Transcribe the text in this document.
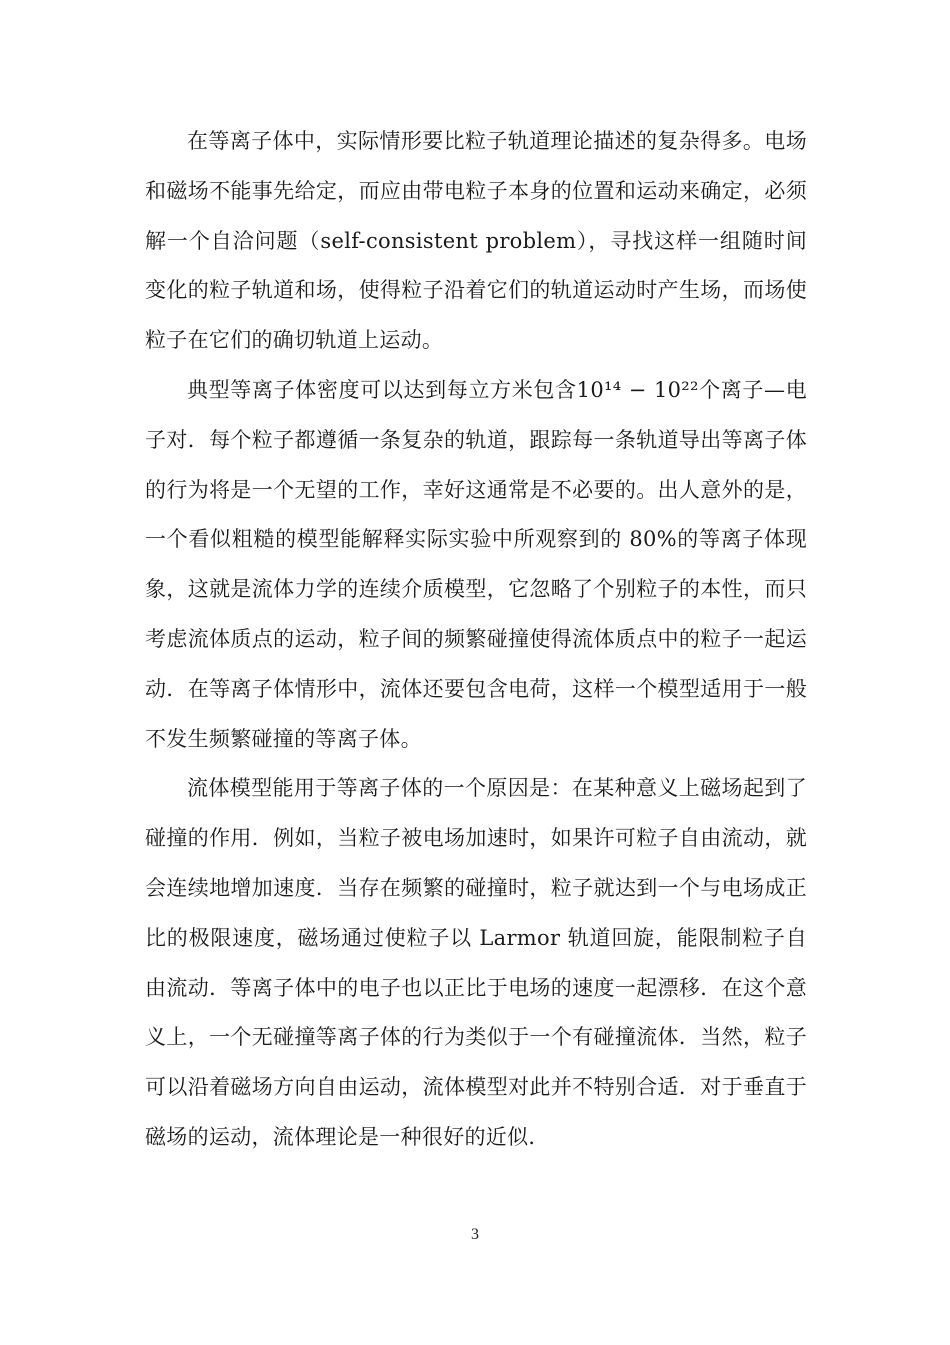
在等离子体中，实际情形要比粒子轨道理论描述的复杂得多。电场和磁场不能事先给定，而应由带电粒子本身的位置和运动来确定，必须解一个自洽问题（self-consistent problem），寻找这样一组随时间变化的粒子轨道和场，使得粒子沿着它们的轨道运动时产生场，而场使粒子在它们的确切轨道上运动。

典型等离子体密度可以达到每立方米包含10¹⁴ − 10²²个离子—电子对．每个粒子都遵循一条复杂的轨道，跟踪每一条轨道导出等离子体的行为将是一个无望的工作，幸好这通常是不必要的。出人意外的是，一个看似粗糙的模型能解释实际实验中所观察到的 80%的等离子体现象，这就是流体力学的连续介质模型，它忽略了个别粒子的本性，而只考虑流体质点的运动，粒子间的频繁碰撞使得流体质点中的粒子一起运动．在等离子体情形中，流体还要包含电荷，这样一个模型适用于一般不发生频繁碰撞的等离子体。

流体模型能用于等离子体的一个原因是：在某种意义上磁场起到了碰撞的作用．例如，当粒子被电场加速时，如果许可粒子自由流动，就会连续地增加速度．当存在频繁的碰撞时，粒子就达到一个与电场成正比的极限速度，磁场通过使粒子以 Larmor 轨道回旋，能限制粒子自由流动．等离子体中的电子也以正比于电场的速度一起漂移．在这个意义上，一个无碰撞等离子体的行为类似于一个有碰撞流体．当然，粒子可以沿着磁场方向自由运动，流体模型对此并不特别合适．对于垂直于磁场的运动，流体理论是一种很好的近似．

3
